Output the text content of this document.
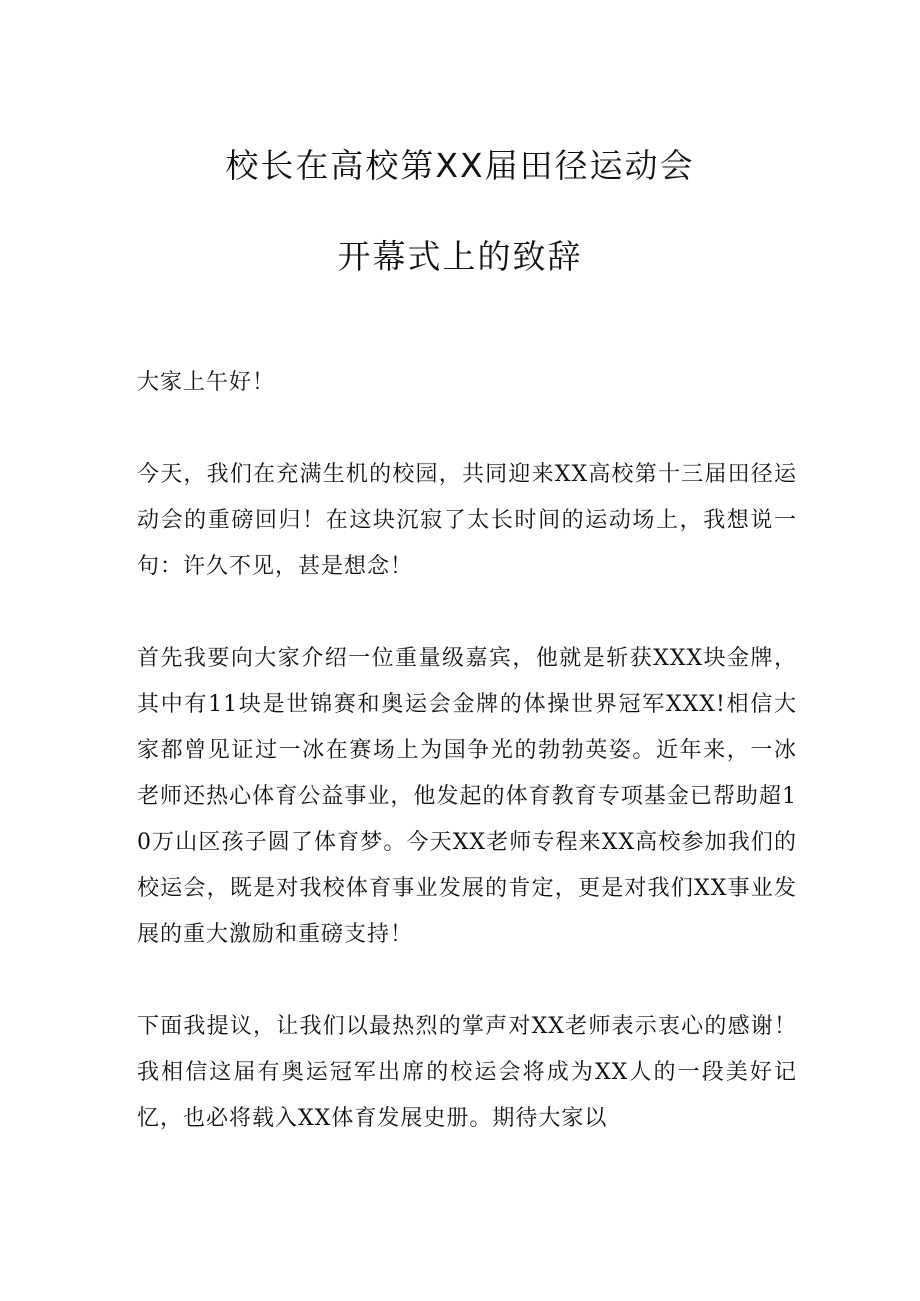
校长在高校第XX届田径运动会
开幕式上的致辞

大家上午好！

今天，我们在充满生机的校园，共同迎来XX高校第十三届田径运动会的重磅回归！在这块沉寂了太长时间的运动场上，我想说一句：许久不见，甚是想念！

首先我要向大家介绍一位重量级嘉宾，他就是斩获XXX块金牌，其中有11块是世锦赛和奥运会金牌的体操世界冠军XXX!相信大家都曾见证过一冰在赛场上为国争光的勃勃英姿。近年来，一冰老师还热心体育公益事业，他发起的体育教育专项基金已帮助超10万山区孩子圆了体育梦。今天XX老师专程来XX高校参加我们的校运会，既是对我校体育事业发展的肯定，更是对我们XX事业发展的重大激励和重磅支持！

下面我提议，让我们以最热烈的掌声对XX老师表示衷心的感谢！我相信这届有奥运冠军出席的校运会将成为XX人的一段美好记忆，也必将载入XX体育发展史册。期待大家以
